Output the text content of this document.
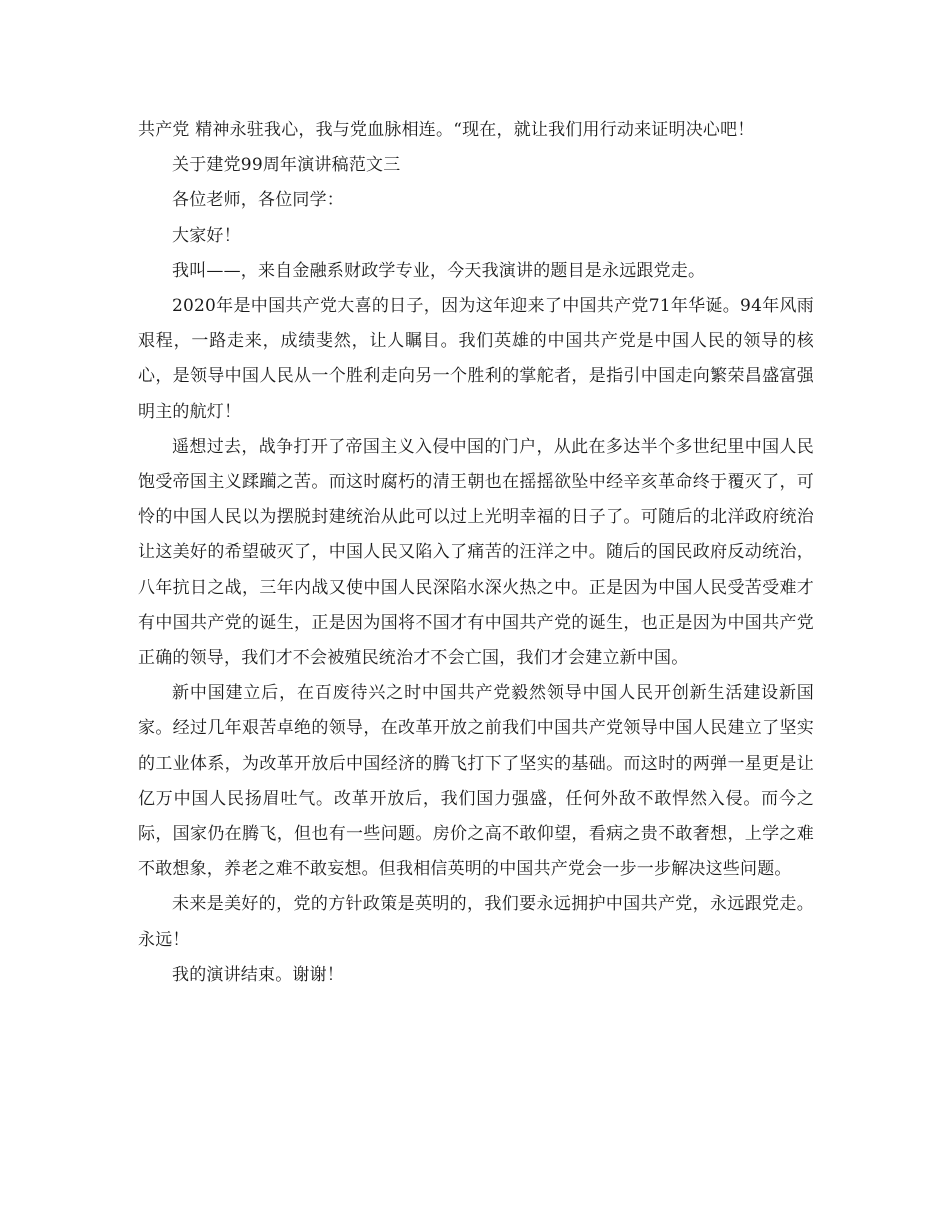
共产党 精神永驻我心，我与党血脉相连。“现在，就让我们用行动来证明决心吧！

关于建党99周年演讲稿范文三

各位老师，各位同学：

大家好！

我叫——，来自金融系财政学专业，今天我演讲的题目是永远跟党走。

2020年是中国共产党大喜的日子，因为这年迎来了中国共产党71年华诞。94年风雨艰程，一路走来，成绩斐然，让人瞩目。我们英雄的中国共产党是中国人民的领导的核心，是领导中国人民从一个胜利走向另一个胜利的掌舵者，是指引中国走向繁荣昌盛富强明主的航灯！

遥想过去，战争打开了帝国主义入侵中国的门户，从此在多达半个多世纪里中国人民饱受帝国主义蹂躏之苦。而这时腐朽的清王朝也在摇摇欲坠中经辛亥革命终于覆灭了，可怜的中国人民以为摆脱封建统治从此可以过上光明幸福的日子了。可随后的北洋政府统治让这美好的希望破灭了，中国人民又陷入了痛苦的汪洋之中。随后的国民政府反动统治，八年抗日之战，三年内战又使中国人民深陷水深火热之中。正是因为中国人民受苦受难才有中国共产党的诞生，正是因为国将不国才有中国共产党的诞生，也正是因为中国共产党正确的领导，我们才不会被殖民统治才不会亡国，我们才会建立新中国。

新中国建立后，在百废待兴之时中国共产党毅然领导中国人民开创新生活建设新国家。经过几年艰苦卓绝的领导，在改革开放之前我们中国共产党领导中国人民建立了坚实的工业体系，为改革开放后中国经济的腾飞打下了坚实的基础。而这时的两弹一星更是让亿万中国人民扬眉吐气。改革开放后，我们国力强盛，任何外敌不敢悍然入侵。而今之际，国家仍在腾飞，但也有一些问题。房价之高不敢仰望，看病之贵不敢奢想，上学之难不敢想象，养老之难不敢妄想。但我相信英明的中国共产党会一步一步解决这些问题。

未来是美好的，党的方针政策是英明的，我们要永远拥护中国共产党，永远跟党走。永远！

我的演讲结束。谢谢！
